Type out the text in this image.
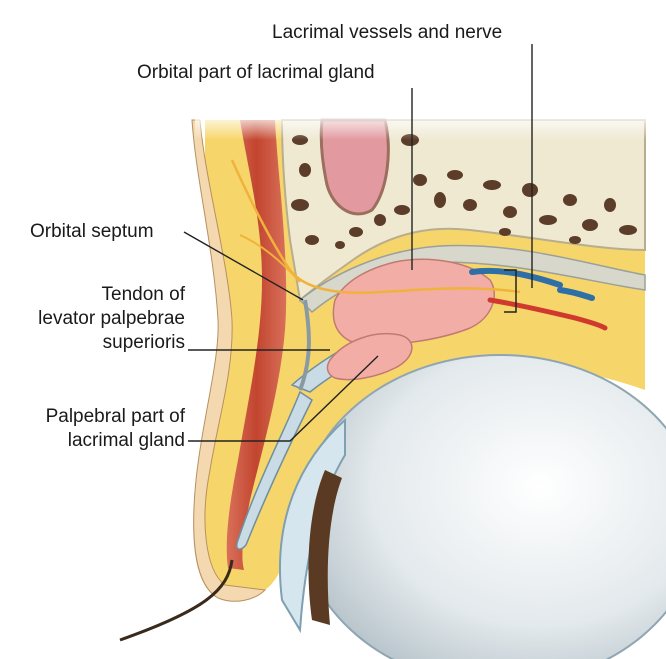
Lacrimal vessels and nerve
Orbital part of lacrimal gland
Orbital septum
Tendon of
levator palpebrae
superioris
Palpebral part of
lacrimal gland
